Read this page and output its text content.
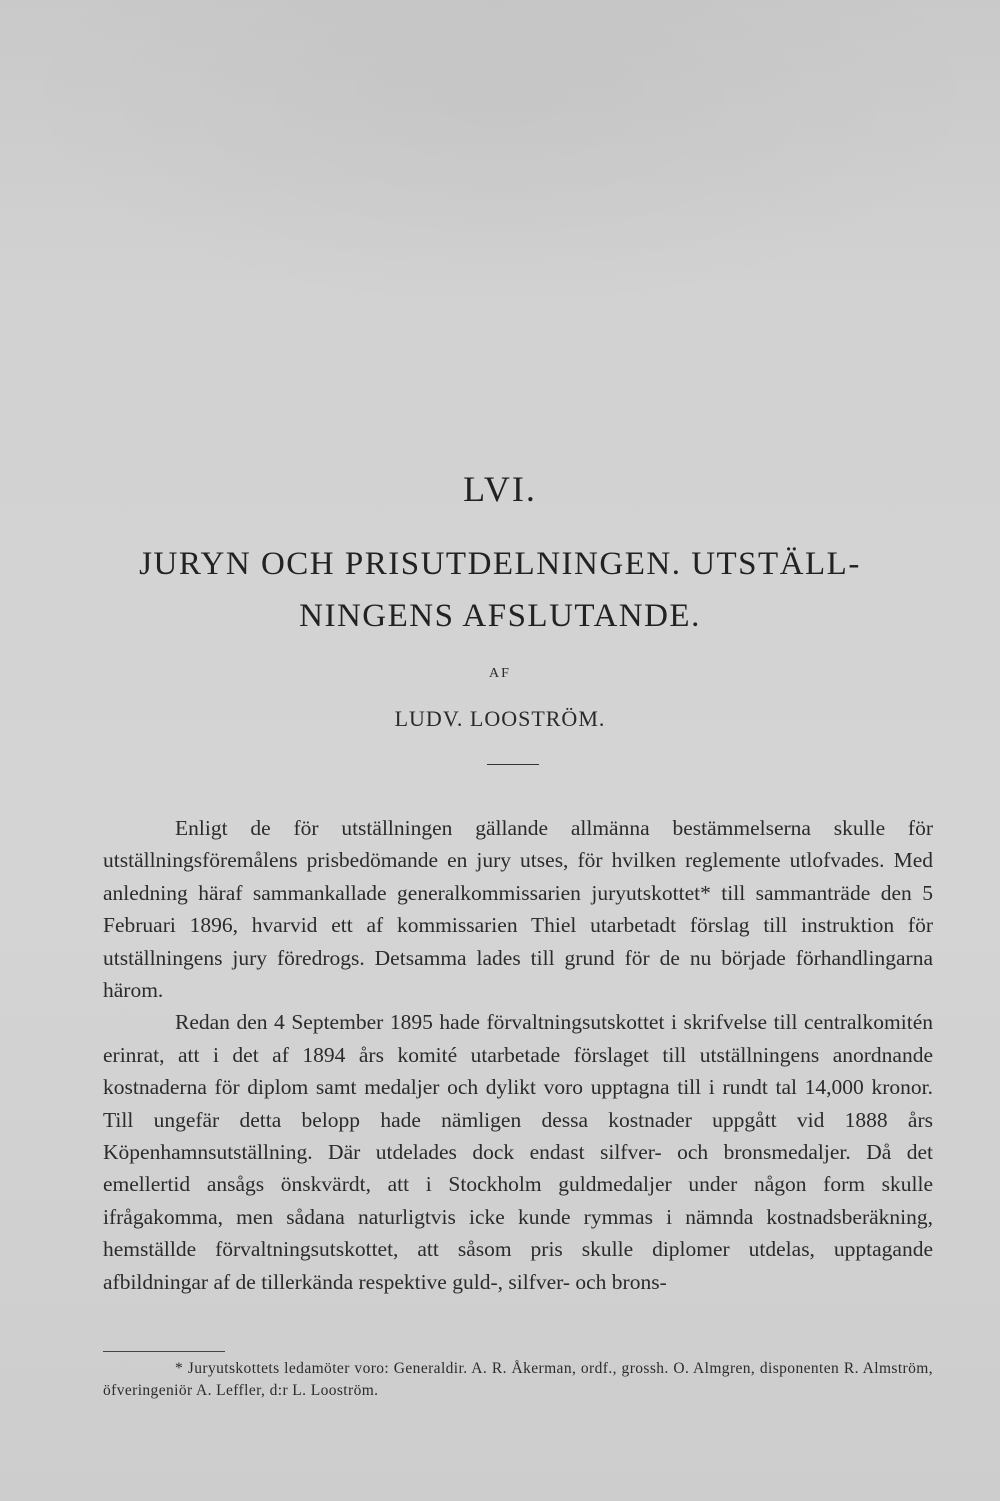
LVI.
JURYN OCH PRISUTDELNINGEN. UTSTÄLL-
NINGENS AFSLUTANDE.
AF
LUDV. LOOSTRÖM.

Enligt de för utställningen gällande allmänna bestämmelserna skulle för utställningsföremålens prisbedömande en jury utses, för hvilken reglemente utlofvades. Med anledning häraf sammankallade generalkommissarien juryutskottet* till sammanträde den 5 Februari 1896, hvarvid ett af kommissarien Thiel utarbetadt förslag till instruktion för utställningens jury föredrogs. Detsamma lades till grund för de nu började förhandlingarna härom.

Redan den 4 September 1895 hade förvaltningsutskottet i skrifvelse till centralkomitén erinrat, att i det af 1894 års komité utarbetade förslaget till utställningens anordnande kostnaderna för diplom samt medaljer och dylikt voro upptagna till i rundt tal 14,000 kronor. Till ungefär detta belopp hade nämligen dessa kostnader uppgått vid 1888 års Köpenhamnsutställning. Där utdelades dock endast silfver- och bronsmedaljer. Då det emellertid ansågs önskvärdt, att i Stockholm guldmedaljer under någon form skulle ifrågakomma, men sådana naturligtvis icke kunde rymmas i nämnda kostnadsberäkning, hemställde förvaltningsutskottet, att såsom pris skulle diplomer utdelas, upptagande afbildningar af de tillerkända respektive guld-, silfver- och brons-

* Juryutskottets ledamöter voro: Generaldir. A. R. Åkerman, ordf., grossh. O. Almgren, disponenten R. Almström, öfveringeniör A. Leffler, d:r L. Looström.
